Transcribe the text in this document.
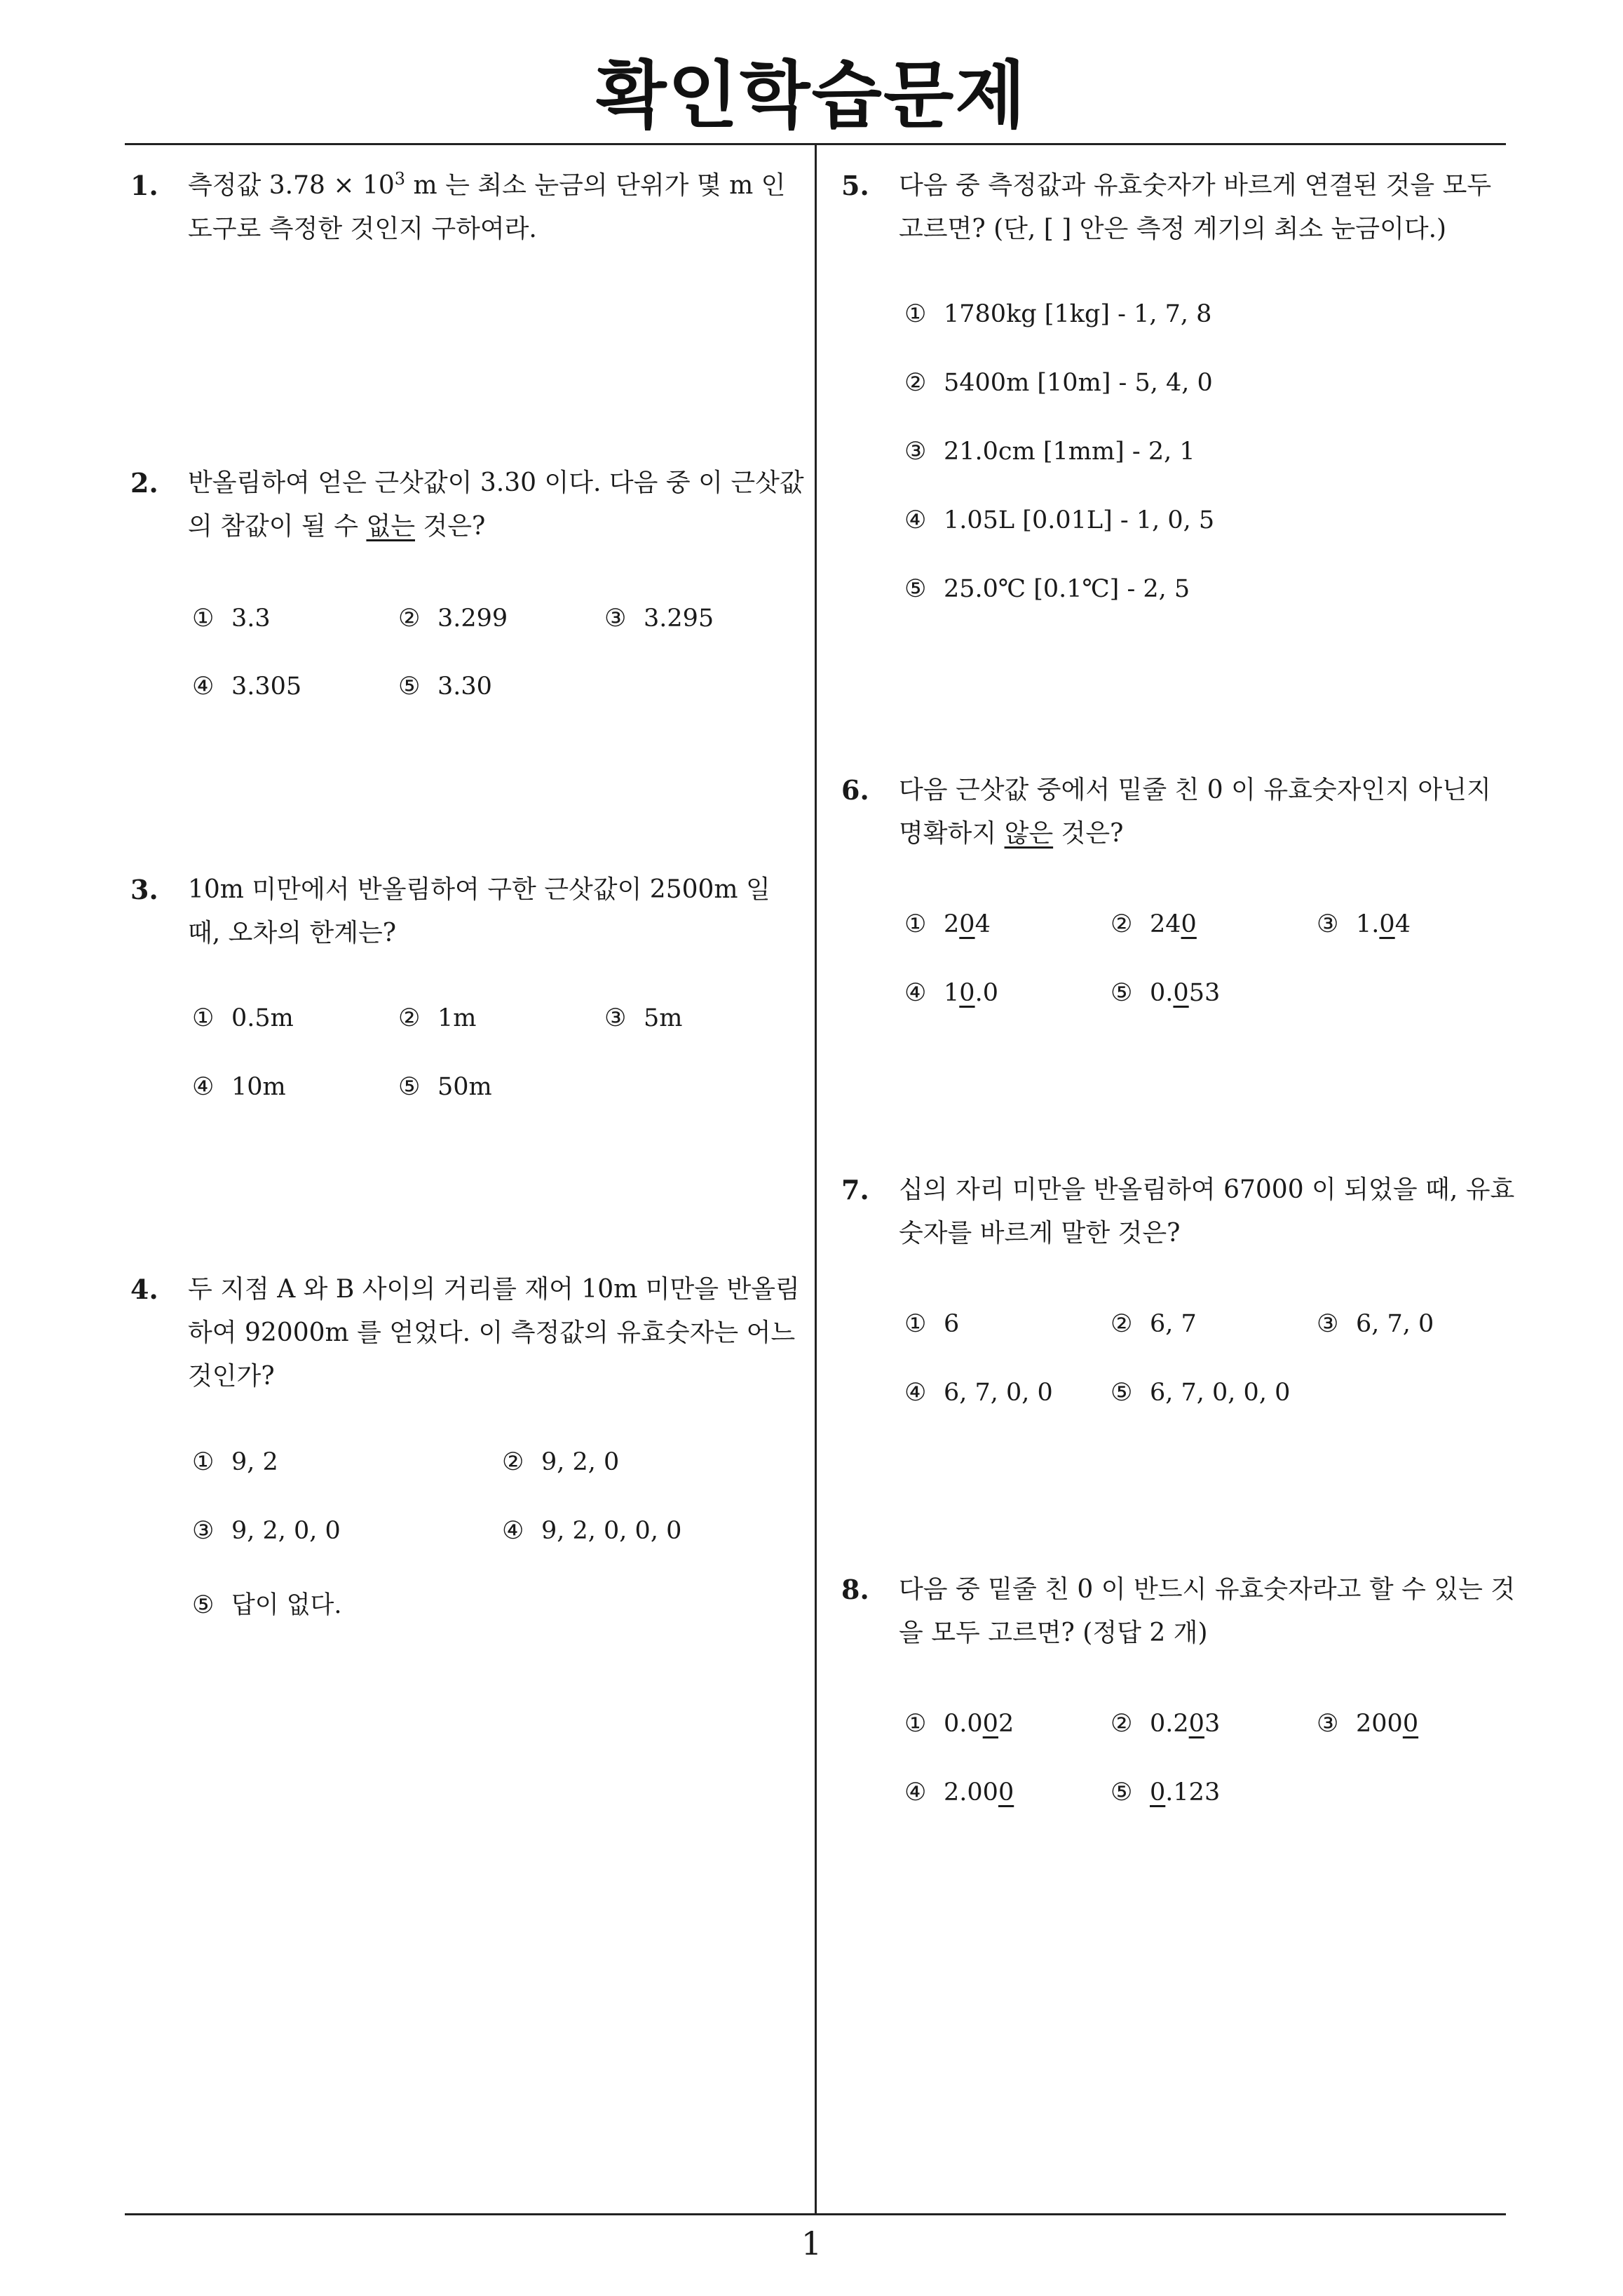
확인학습문제
1
1. 측정값 $3.78 \times 10^3$ m 는 최소 눈금의 단위가 몇 m 인 도구로 측정한 것인지 구하여라.
2. 반올림하여 얻은 근삿값이 3.30 이다. 다음 중 이 근삿값의 참값이 될 수 없는 것은?
① 3.3	② 3.299	③ 3.295
④ 3.305	⑤ 3.30
3. 10m 미만에서 반올림하여 구한 근삿값이 2500m 일 때, 오차의 한계는?
① 0.5m	② 1m	③ 5m
④ 10m	⑤ 50m
4. 두 지점 A 와 B 사이의 거리를 재어 10m 미만을 반올림하여 92000m 를 얻었다. 이 측정값의 유효숫자는 어느 것인가?
① 9, 2	② 9, 2, 0
③ 9, 2, 0, 0	④ 9, 2, 0, 0, 0
⑤ 답이 없다.
5. 다음 중 측정값과 유효숫자가 바르게 연결된 것을 모두 고르면? (단, [ ] 안은 측정 계기의 최소 눈금이다.)
① 1780kg [1kg] - 1, 7, 8
② 5400m [10m] - 5, 4, 0
③ 21.0cm [1mm] - 2, 1
④ 1.05L [0.01L] - 1, 0, 5
⑤ 25.0℃ [0.1℃] - 2, 5
6. 다음 근삿값 중에서 밑줄 친 0 이 유효숫자인지 아닌지 명확하지 않은 것은?
① 204	② 240	③ 1.04
④ 10.0	⑤ 0.053
7. 십의 자리 미만을 반올림하여 67000 이 되었을 때, 유효숫자를 바르게 말한 것은?
① 6	② 6, 7	③ 6, 7, 0
④ 6, 7, 0, 0 ⑤ 6, 7, 0, 0, 0
8. 다음 중 밑줄 친 0 이 반드시 유효숫자라고 할 수 있는 것을 모두 고르면? (정답 2 개)
① 0.002	② 0.203	③ 2000
④ 2.000	⑤ 0.123
